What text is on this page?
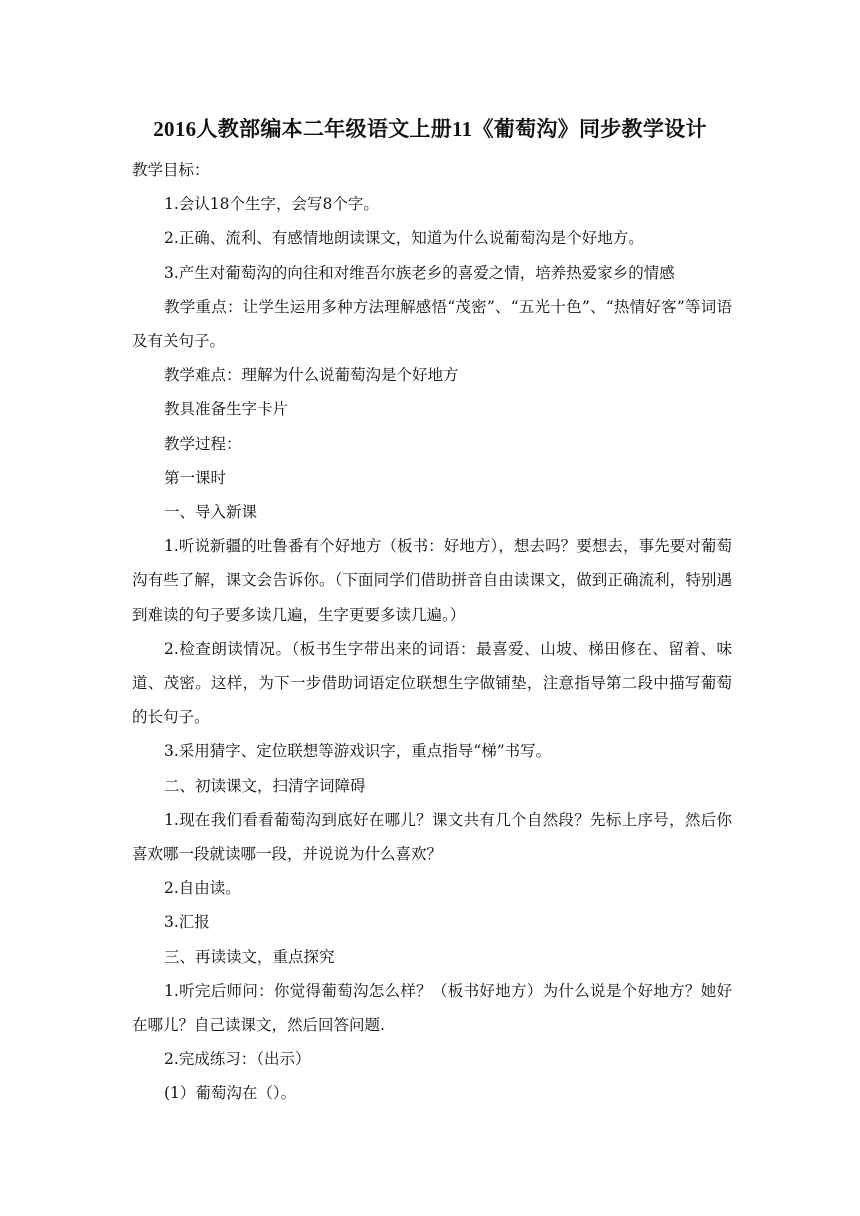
2016人教部编本二年级语文上册11《葡萄沟》同步教学设计

教学目标：

1.会认18个生字，会写8个字。

2.正确、流利、有感情地朗读课文，知道为什么说葡萄沟是个好地方。

3.产生对葡萄沟的向往和对维吾尔族老乡的喜爱之情，培养热爱家乡的情感

教学重点：让学生运用多种方法理解感悟“茂密”、“五光十色”、“热情好客”等词语及有关句子。

教学难点：理解为什么说葡萄沟是个好地方

教具准备生字卡片

教学过程：

第一课时

一、导入新课

1.听说新疆的吐鲁番有个好地方（板书：好地方），想去吗？要想去，事先要对葡萄沟有些了解，课文会告诉你。（下面同学们借助拼音自由读课文，做到正确流利，特别遇到难读的句子要多读几遍，生字更要多读几遍。）

2.检查朗读情况。（板书生字带出来的词语：最喜爱、山坡、梯田修在、留着、味道、茂密。这样，为下一步借助词语定位联想生字做铺垫，注意指导第二段中描写葡萄的长句子。

3.采用猜字、定位联想等游戏识字，重点指导“梯”书写。

二、初读课文，扫清字词障碍

1.现在我们看看葡萄沟到底好在哪儿？课文共有几个自然段？先标上序号，然后你喜欢哪一段就读哪一段，并说说为什么喜欢？

2.自由读。

3.汇报

三、再读读文，重点探究

1.听完后师问：你觉得葡萄沟怎么样？（板书好地方）为什么说是个好地方？她好在哪儿？自己读课文，然后回答问题.

2.完成练习：（出示）

(1）葡萄沟在（）。
